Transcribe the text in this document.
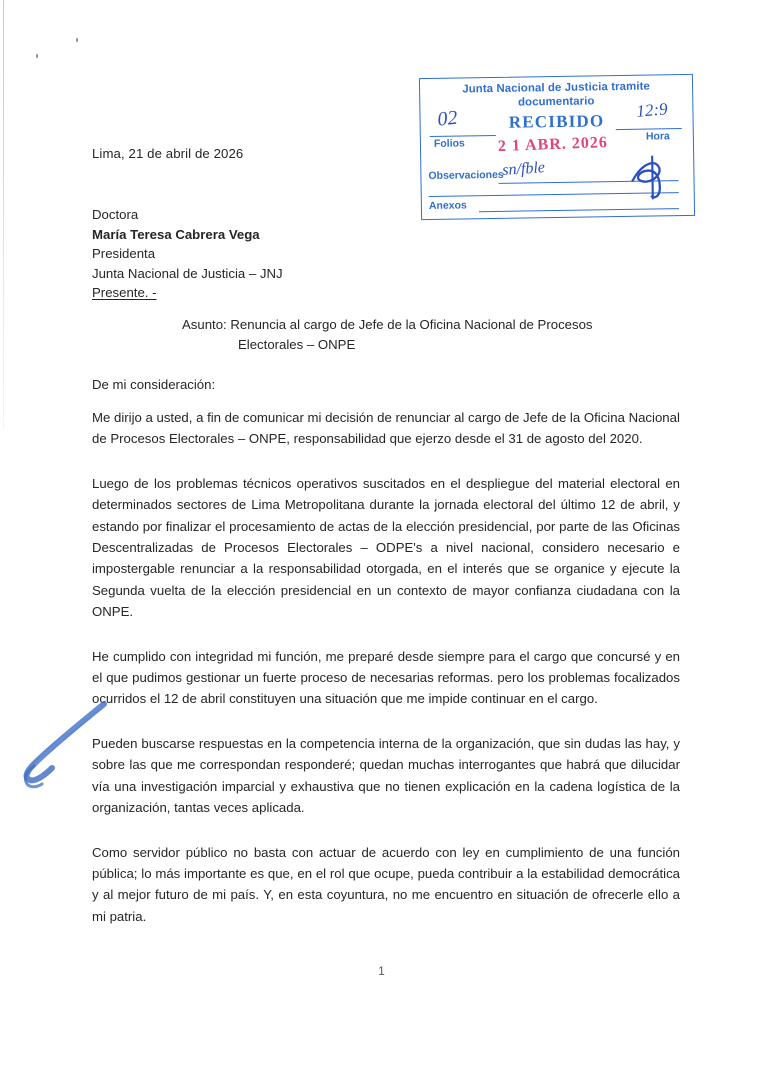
Junta Nacional de Justicia tramite
documentario
RECIBIDO
02
Folios
12:9
Hora
2 1 ABR. 2026
Observaciones
sn/fble
Anexos
Lima, 21 de abril de 2026
Doctora
María Teresa Cabrera Vega
Presidenta
Junta Nacional de Justicia – JNJ
Presente. -
Asunto: Renuncia al cargo de Jefe de la Oficina Nacional de Procesos
Electorales – ONPE
De mi consideración:

Me dirijo a usted, a fin de comunicar mi decisión de renunciar al cargo de Jefe de la Oficina Nacional de Procesos Electorales – ONPE, responsabilidad que ejerzo desde el 31 de agosto del 2020.

Luego de los problemas técnicos operativos suscitados en el despliegue del material electoral en determinados sectores de Lima Metropolitana durante la jornada electoral del último 12 de abril, y estando por finalizar el procesamiento de actas de la elección presidencial, por parte de las Oficinas Descentralizadas de Procesos Electorales – ODPE's a nivel nacional, considero necesario e impostergable renunciar a la responsabilidad otorgada, en el interés que se organice y ejecute la Segunda vuelta de la elección presidencial en un contexto de mayor confianza ciudadana con la ONPE.

He cumplido con integridad mi función, me preparé desde siempre para el cargo que concursé y en el que pudimos gestionar un fuerte proceso de necesarias reformas. pero los problemas focalizados ocurridos el 12 de abril constituyen una situación que me impide continuar en el cargo.

Pueden buscarse respuestas en la competencia interna de la organización, que sin dudas las hay, y sobre las que me correspondan responderé; quedan muchas interrogantes que habrá que dilucidar vía una investigación imparcial y exhaustiva que no tienen explicación en la cadena logística de la organización, tantas veces aplicada.

Como servidor público no basta con actuar de acuerdo con ley en cumplimiento de una función pública; lo más importante es que, en el rol que ocupe, pueda contribuir a la estabilidad democrática y al mejor futuro de mi país. Y, en esta coyuntura, no me encuentro en situación de ofrecerle ello a mi patria.

1
